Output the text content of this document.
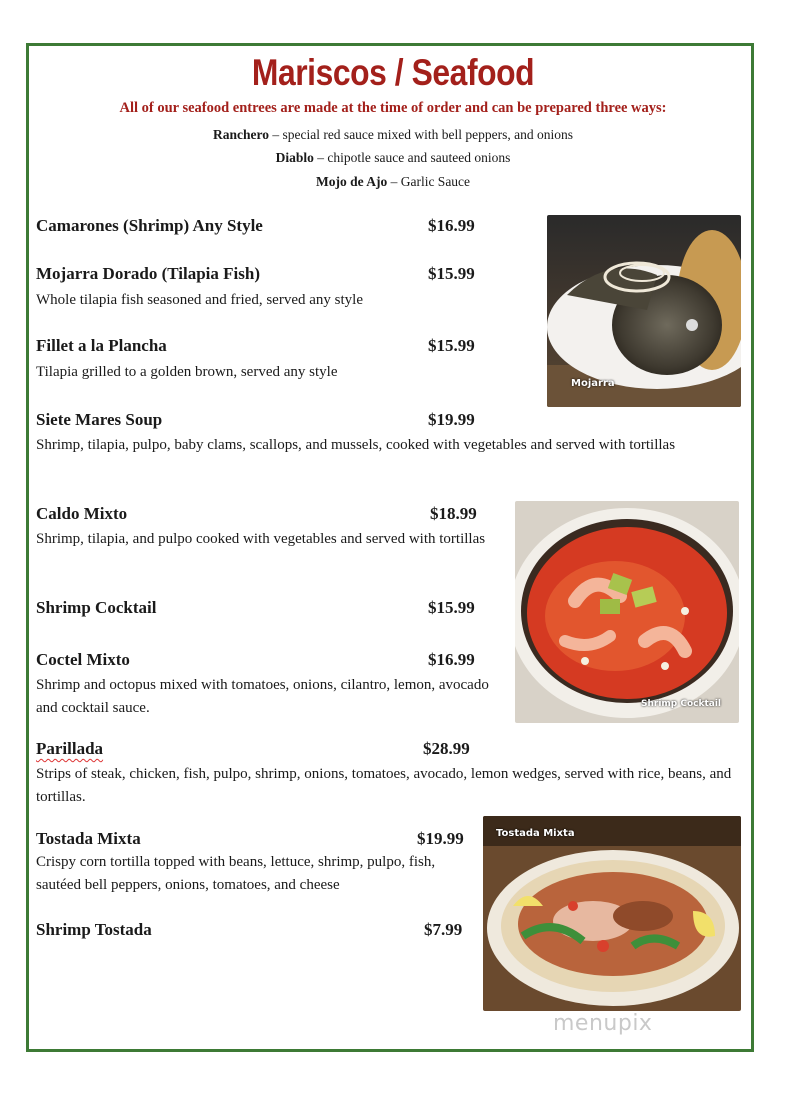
Mariscos / Seafood
All of our seafood entrees are made at the time of order and can be prepared three ways:
Ranchero – special red sauce mixed with bell peppers, and onions
Diablo – chipotle sauce and sauteed onions
Mojo de Ajo – Garlic Sauce
Camarones (Shrimp) Any Style	$16.99
Mojarra Dorado (Tilapia Fish)	$15.99
Whole tilapia fish seasoned and fried, served any style
Fillet a la Plancha	$15.99
Tilapia grilled to a golden brown, served any style
Siete Mares Soup	$19.99
Shrimp, tilapia, pulpo, baby clams, scallops, and mussels, cooked with vegetables and served with tortillas
Caldo Mixto	$18.99
Shrimp, tilapia, and pulpo cooked with vegetables and served with tortillas
Shrimp Cocktail	$15.99
Coctel Mixto	$16.99
Shrimp and octopus mixed with tomatoes, onions, cilantro, lemon, avocado and cocktail sauce.
Parillada	$28.99
Strips of steak, chicken, fish, pulpo, shrimp, onions, tomatoes, avocado, lemon wedges, served with rice, beans, and tortillas.
Tostada Mixta	$19.99
Crispy corn tortilla topped with beans, lettuce, shrimp, pulpo, fish, sautéed bell peppers, onions, tomatoes, and cheese
Shrimp Tostada	$7.99
Mojarra
Shrimp Cocktail
Tostada Mixta
menupix
